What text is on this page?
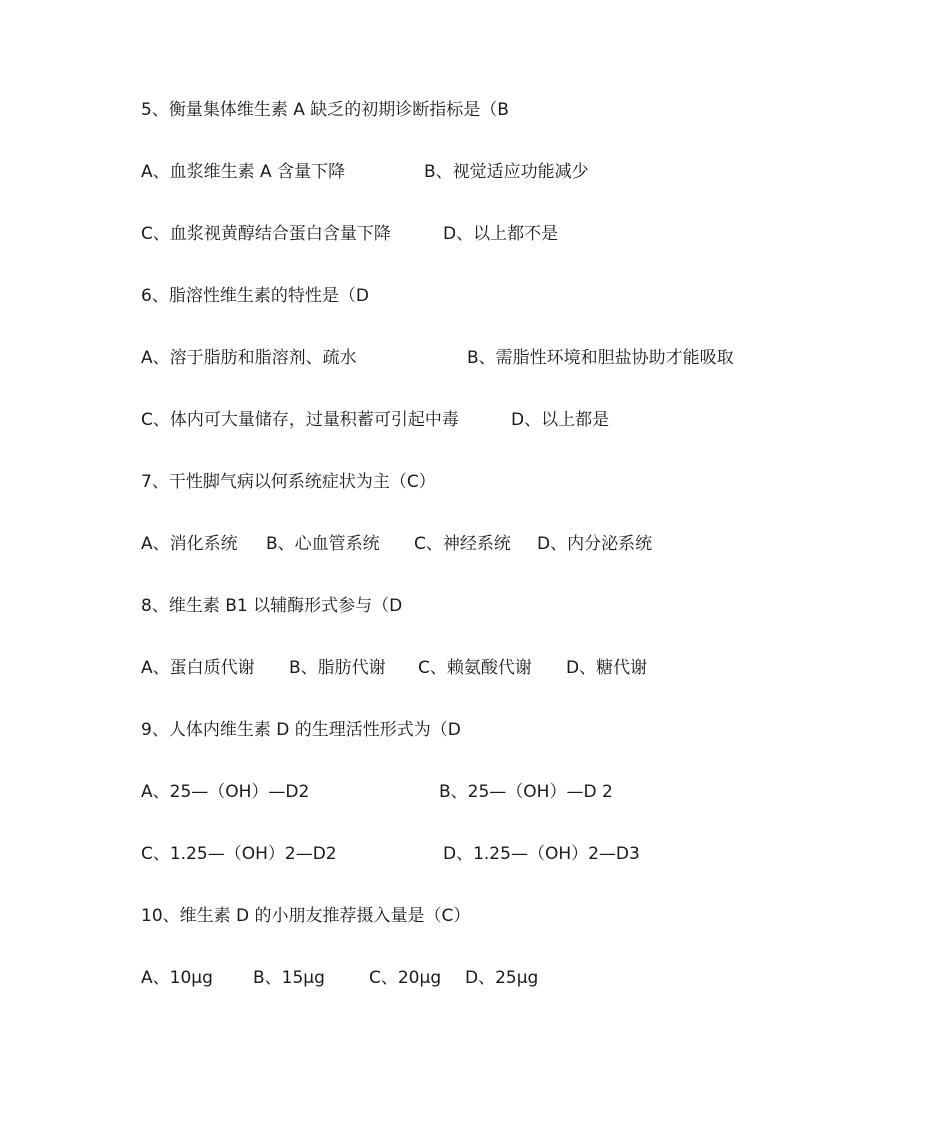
5、衡量集体维生素 A 缺乏的初期诊断指标是（B
A、血浆维生素 A 含量下降	B、视觉适应功能减少
C、血浆视黄醇结合蛋白含量下降	D、以上都不是
6、脂溶性维生素的特性是（D
A、溶于脂肪和脂溶剂、疏水	B、需脂性环境和胆盐协助才能吸取
C、体内可大量储存，过量积蓄可引起中毒	D、以上都是
7、干性脚气病以何系统症状为主（C）
A、消化系统 B、心血管系统 C、神经系统 D、内分泌系统
8、维生素 B1 以辅酶形式参与（D
A、蛋白质代谢 B、脂肪代谢 C、赖氨酸代谢 D、糖代谢
9、人体内维生素 D 的生理活性形式为（D
A、25—（OH）—D2	B、25—（OH）—D 2
C、1.25—（OH）2—D2	D、1.25—（OH）2—D3
10、维生素 D 的小朋友推荐摄入量是（C）
A、10μg B、15μg	C、20μg D、25μg
